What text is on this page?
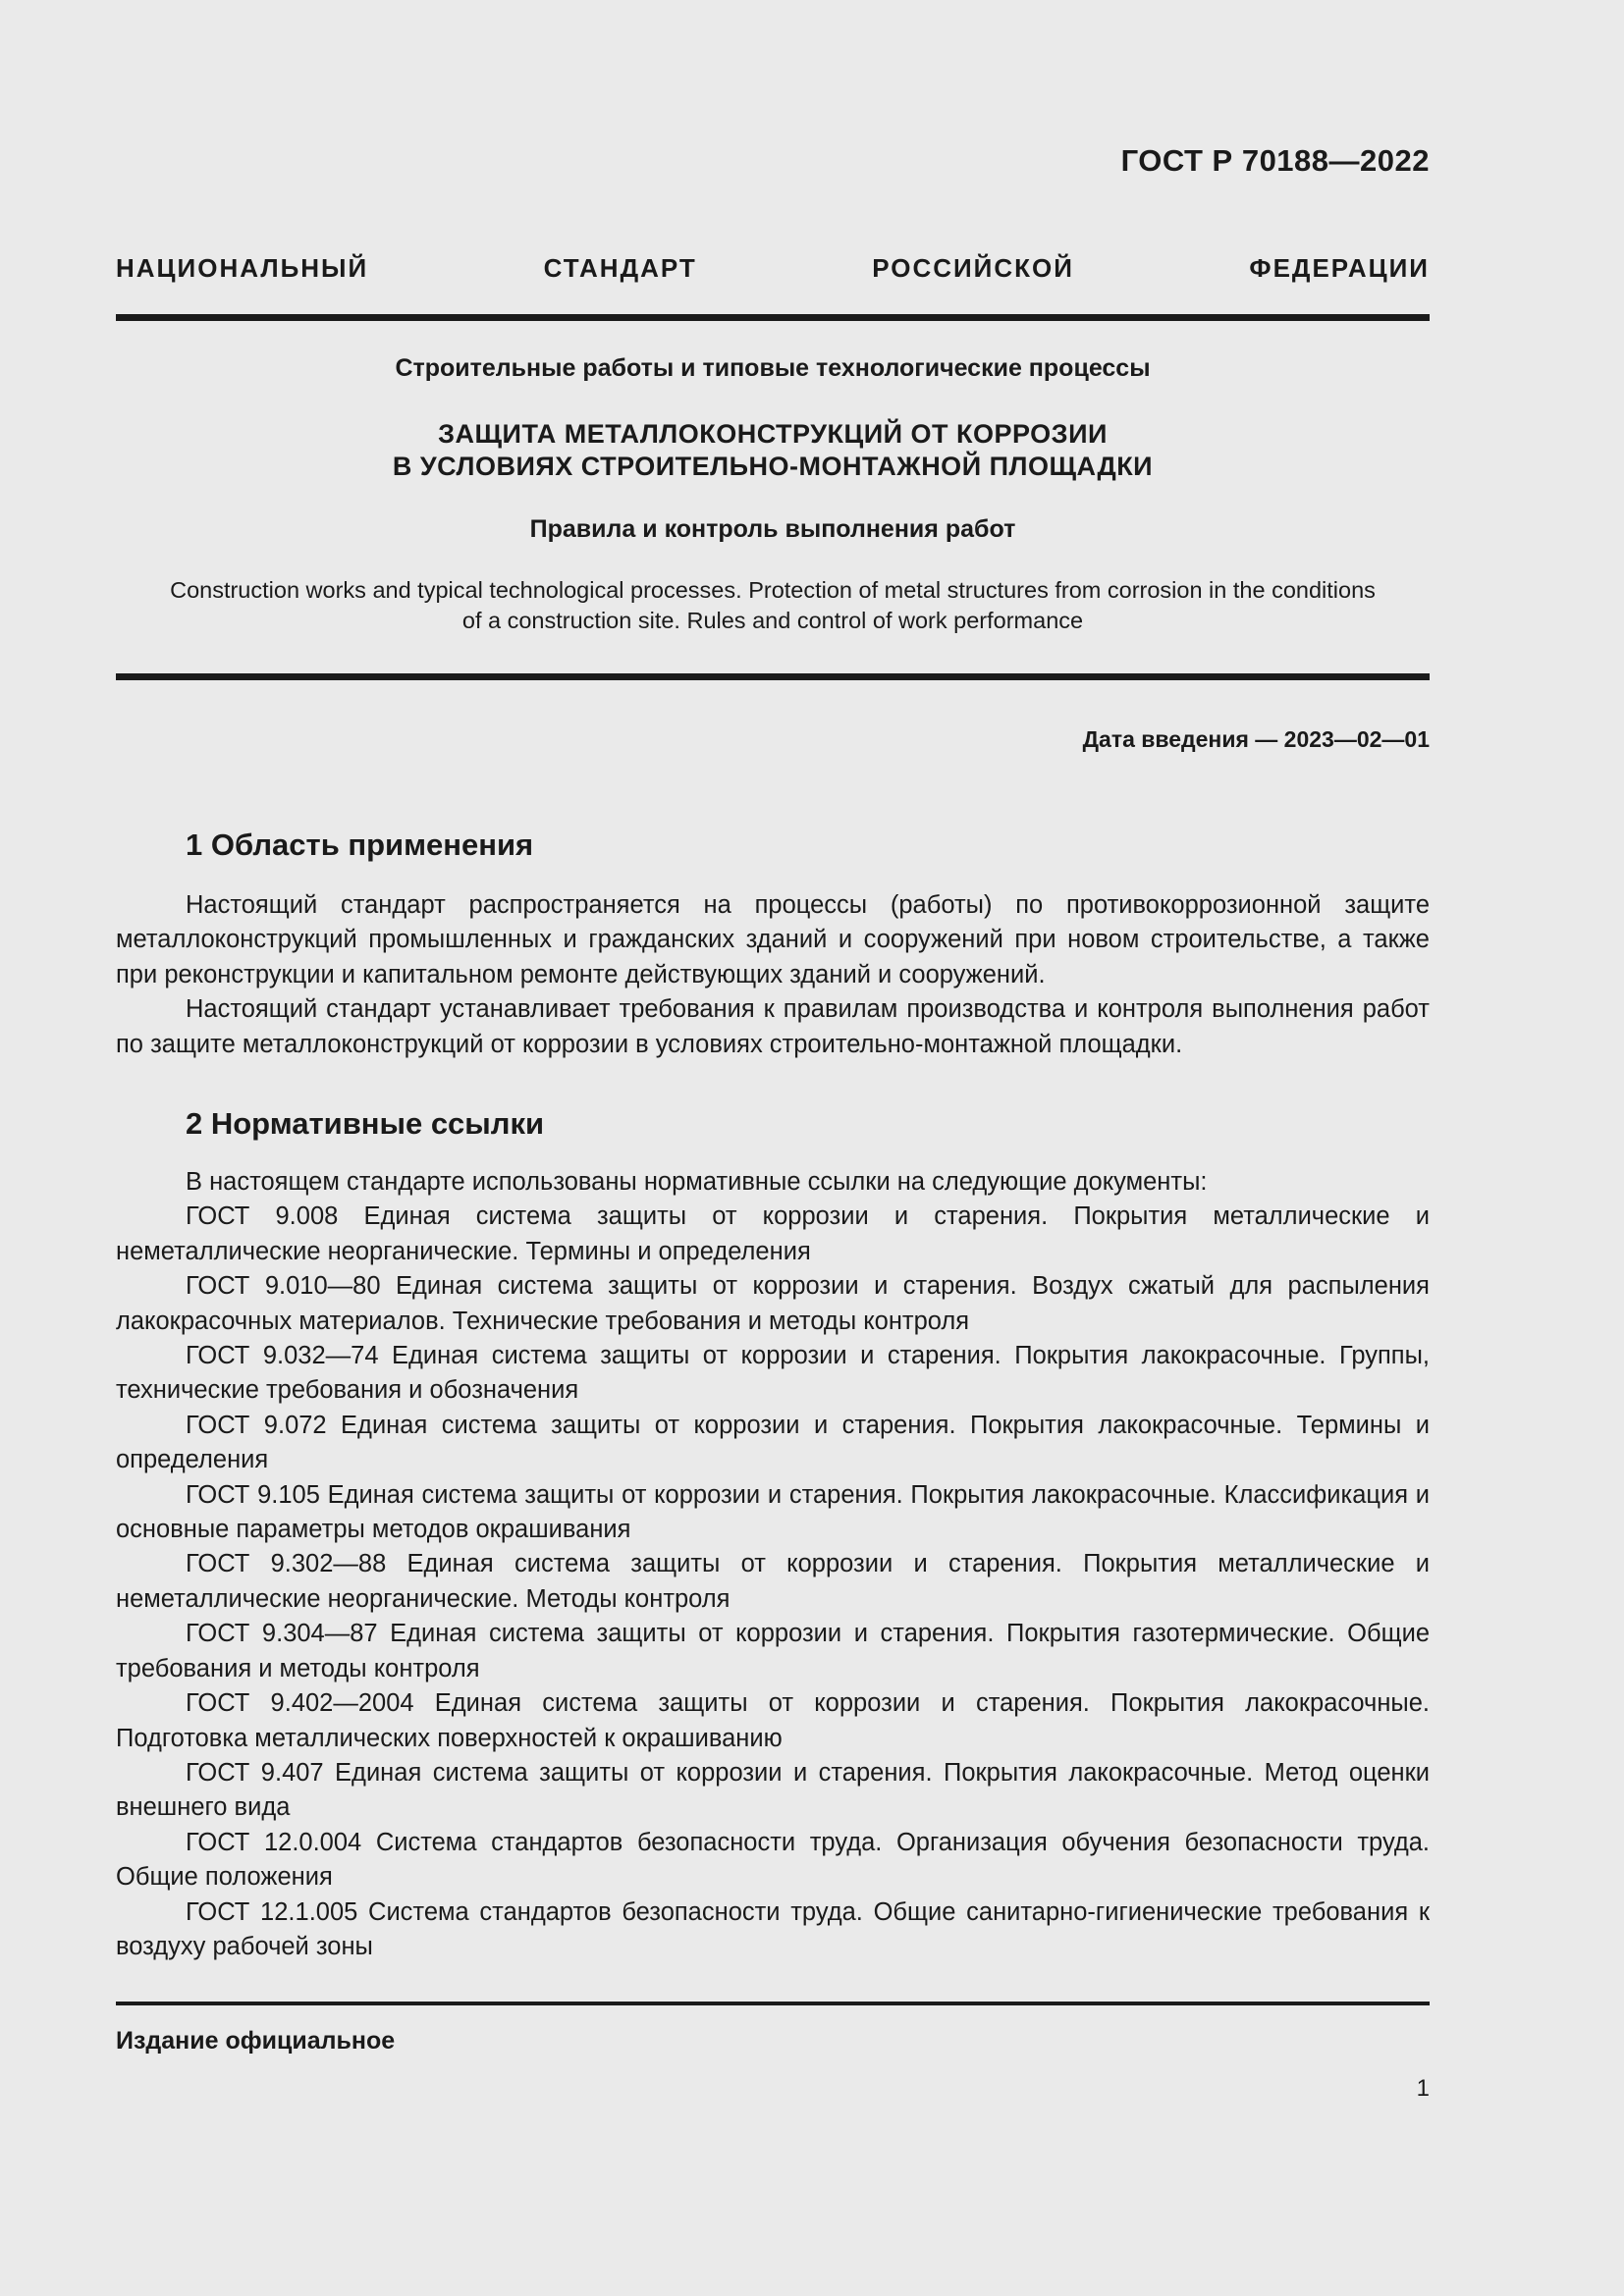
ГОСТ Р 70188—2022
НАЦИОНАЛЬНЫЙ СТАНДАРТ РОССИЙСКОЙ ФЕДЕРАЦИИ
Строительные работы и типовые технологические процессы
ЗАЩИТА МЕТАЛЛОКОНСТРУКЦИЙ ОТ КОРРОЗИИ
В УСЛОВИЯХ СТРОИТЕЛЬНО-МОНТАЖНОЙ ПЛОЩАДКИ
Правила и контроль выполнения работ
Construction works and typical technological processes. Protection of metal structures from corrosion in the conditions
of a construction site. Rules and control of work performance
Дата введения — 2023—02—01
1 Область применения

Настоящий стандарт распространяется на процессы (работы) по противокоррозионной защите металлоконструкций промышленных и гражданских зданий и сооружений при новом строительстве, а также при реконструкции и капитальном ремонте действующих зданий и сооружений.

Настоящий стандарт устанавливает требования к правилам производства и контроля выполнения работ по защите металлоконструкций от коррозии в условиях строительно-монтажной площадки.

2 Нормативные ссылки

В настоящем стандарте использованы нормативные ссылки на следующие документы:

ГОСТ 9.008 Единая система защиты от коррозии и старения. Покрытия металлические и неметаллические неорганические. Термины и определения

ГОСТ 9.010—80 Единая система защиты от коррозии и старения. Воздух сжатый для распыления лакокрасочных материалов. Технические требования и методы контроля

ГОСТ 9.032—74 Единая система защиты от коррозии и старения. Покрытия лакокрасочные. Группы, технические требования и обозначения

ГОСТ 9.072 Единая система защиты от коррозии и старения. Покрытия лакокрасочные. Термины и определения

ГОСТ 9.105 Единая система защиты от коррозии и старения. Покрытия лакокрасочные. Классификация и основные параметры методов окрашивания

ГОСТ 9.302—88 Единая система защиты от коррозии и старения. Покрытия металлические и неметаллические неорганические. Методы контроля

ГОСТ 9.304—87 Единая система защиты от коррозии и старения. Покрытия газотермические. Общие требования и методы контроля

ГОСТ 9.402—2004 Единая система защиты от коррозии и старения. Покрытия лакокрасочные. Подготовка металлических поверхностей к окрашиванию

ГОСТ 9.407 Единая система защиты от коррозии и старения. Покрытия лакокрасочные. Метод оценки внешнего вида

ГОСТ 12.0.004 Система стандартов безопасности труда. Организация обучения безопасности труда. Общие положения

ГОСТ 12.1.005 Система стандартов безопасности труда. Общие санитарно-гигиенические требования к воздуху рабочей зоны

Издание официальное
1
